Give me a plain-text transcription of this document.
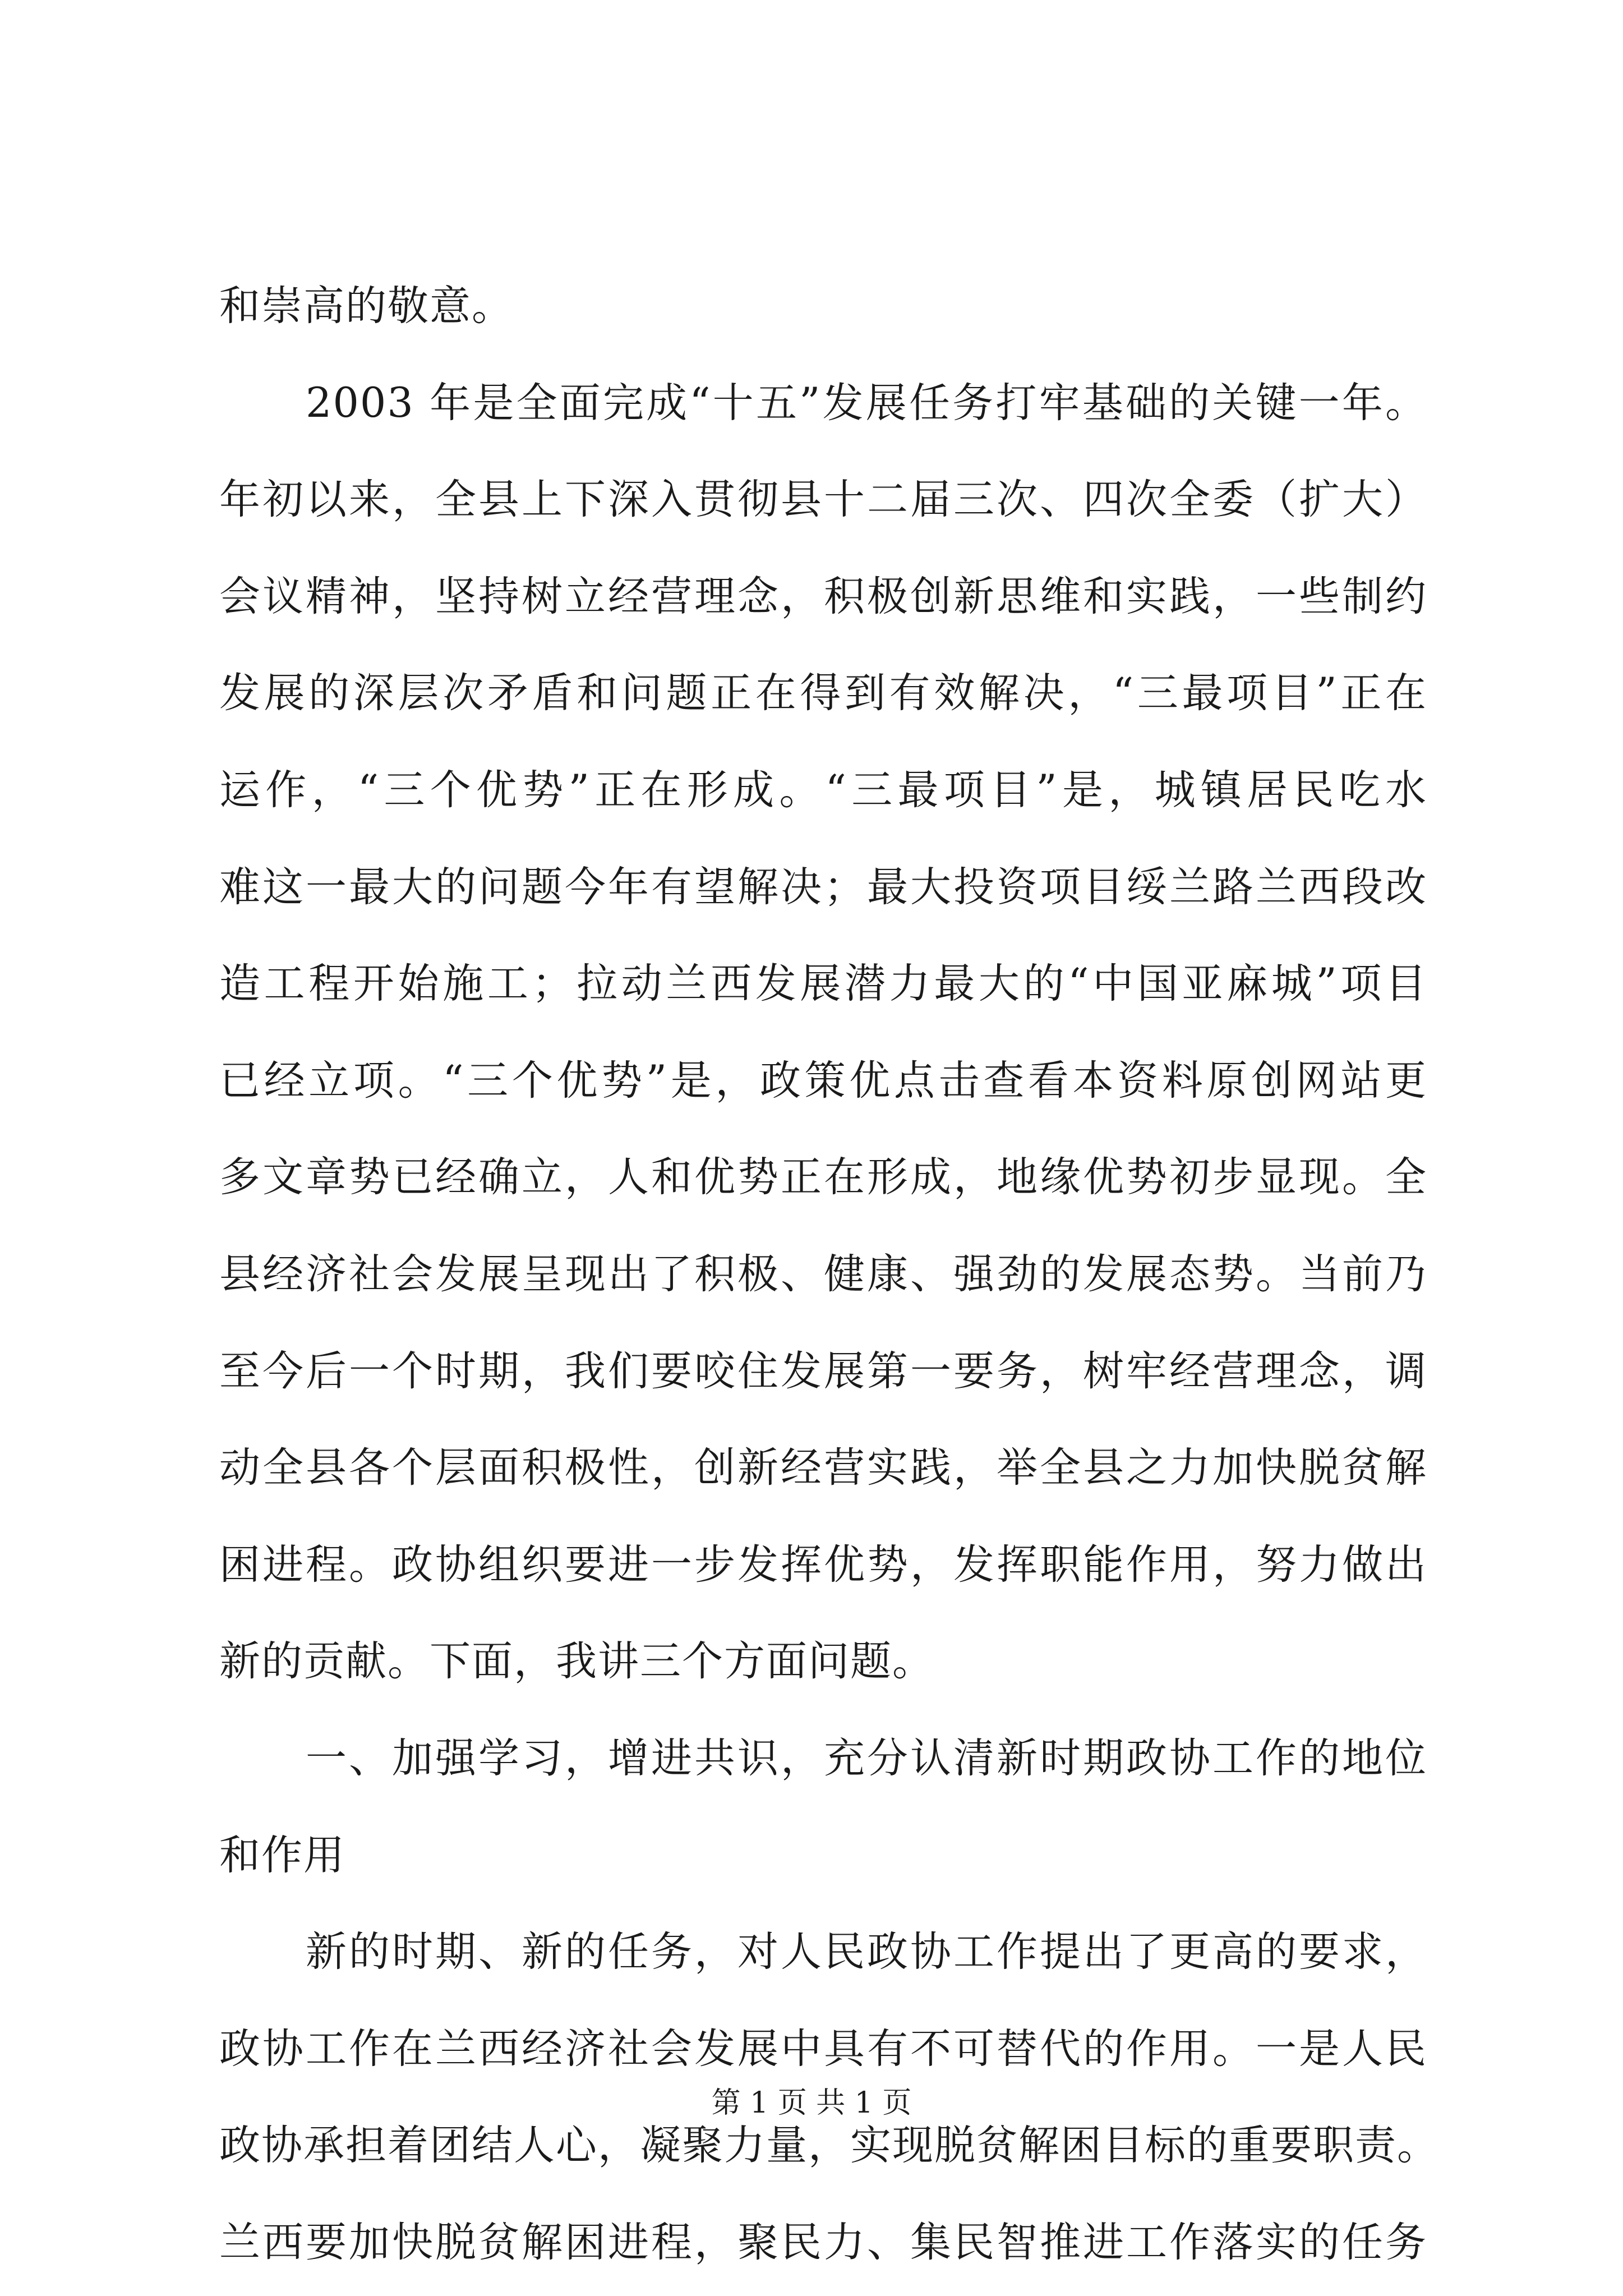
和崇高的敬意。
2003 年是全面完成“十五”发展任务打牢基础的关键一年。
年初以来，全县上下深入贯彻县十二届三次、四次全委（扩大）
会议精神，坚持树立经营理念，积极创新思维和实践，一些制约
发展的深层次矛盾和问题正在得到有效解决，“三最项目”正在
运作，“三个优势”正在形成。“三最项目”是，城镇居民吃水
难这一最大的问题今年有望解决；最大投资项目绥兰路兰西段改
造工程开始施工；拉动兰西发展潜力最大的“中国亚麻城”项目
已经立项。“三个优势”是，政策优点击查看本资料原创网站更
多文章势已经确立，人和优势正在形成，地缘优势初步显现。全
县经济社会发展呈现出了积极、健康、强劲的发展态势。当前乃
至今后一个时期，我们要咬住发展第一要务，树牢经营理念，调
动全县各个层面积极性，创新经营实践，举全县之力加快脱贫解
困进程。政协组织要进一步发挥优势，发挥职能作用，努力做出
新的贡献。下面，我讲三个方面问题。
一、加强学习，增进共识，充分认清新时期政协工作的地位
和作用
新的时期、新的任务，对人民政协工作提出了更高的要求，
政协工作在兰西经济社会发展中具有不可替代的作用。一是人民
政协承担着团结人心，凝聚力量，实现脱贫解困目标的重要职责。
兰西要加快脱贫解困进程，聚民力、集民智推进工作落实的任务
第 1 页 共 1 页
